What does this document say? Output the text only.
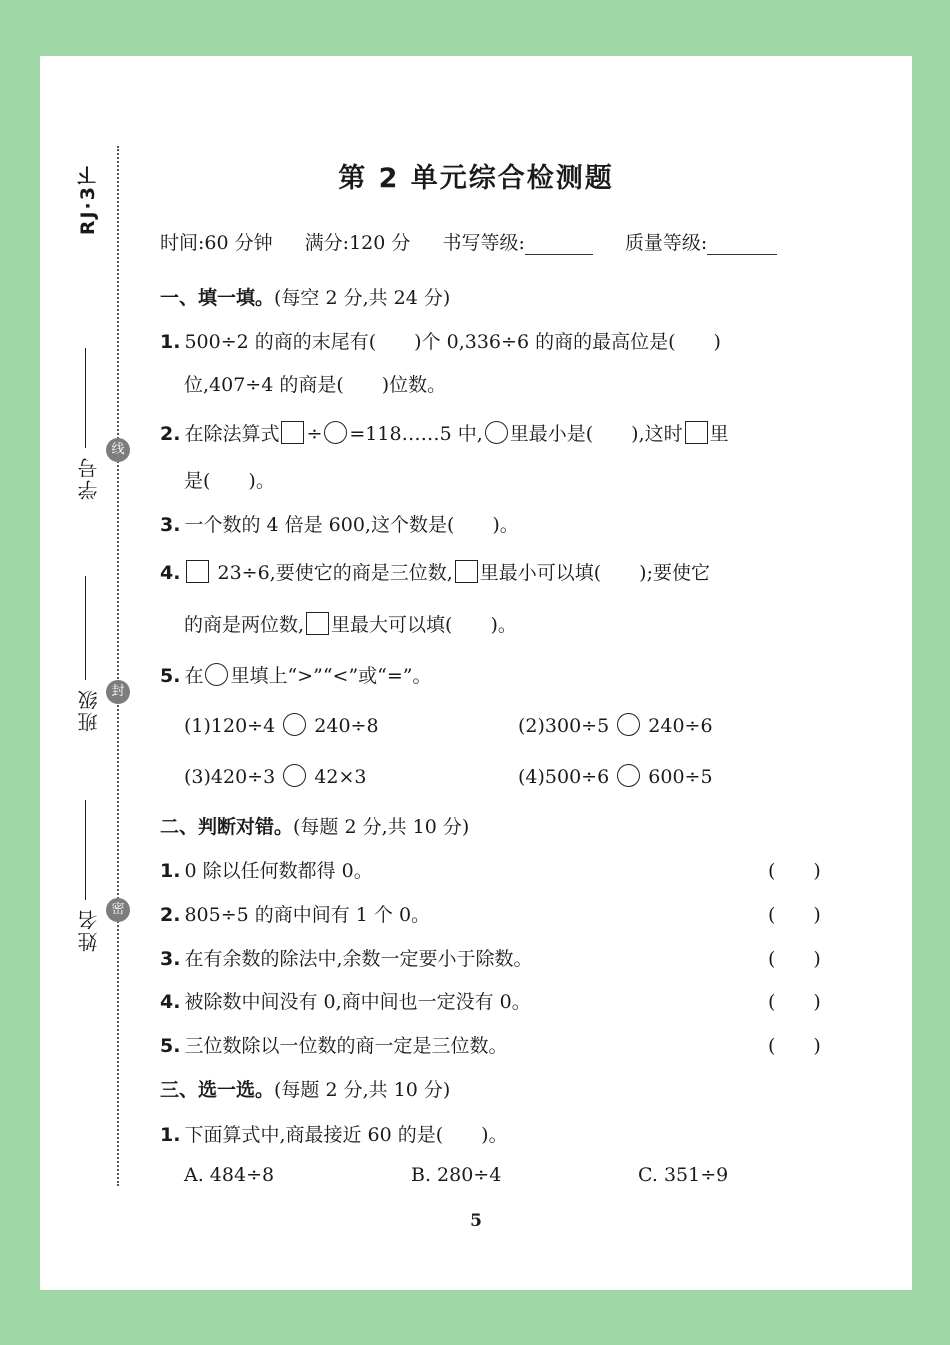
RJ·3下
学号
班级
姓名
线
封
密
第 2 单元综合检测题
时间:60 分钟 满分:120 分 书写等级:	质量等级:
一、填一填。(每空 2 分,共 24 分)
1. 500÷2 的商的末尾有(　　)个 0,336÷6 的商的最高位是(　　)
位,407÷4 的商是(　　)位数。
2. 在除法算式 ÷ =118……5 中, 里最小是(　　),这时 里
是(　　)。
3. 一个数的 4 倍是 600,这个数是(　　)。
4. 23÷6,要使它的商是三位数, 里最小可以填(　　);要使它
的商是两位数, 里最大可以填(　　)。
5. 在 里填上“>”“<”或“=”。
(1)120÷4 240÷8	(2)300÷5 240÷6
(3)420÷3 42×3	(4)500÷6 600÷5
二、判断对错。(每题 2 分,共 10 分)
1. 0 除以任何数都得 0。	(　　)
2. 805÷5 的商中间有 1 个 0。	(　　)
3. 在有余数的除法中,余数一定要小于除数。	(　　)
4. 被除数中间没有 0,商中间也一定没有 0。	(　　)
5. 三位数除以一位数的商一定是三位数。	(　　)
三、选一选。(每题 2 分,共 10 分)
1. 下面算式中,商最接近 60 的是(　　)。
A. 484÷8	B. 280÷4	C. 351÷9
5
